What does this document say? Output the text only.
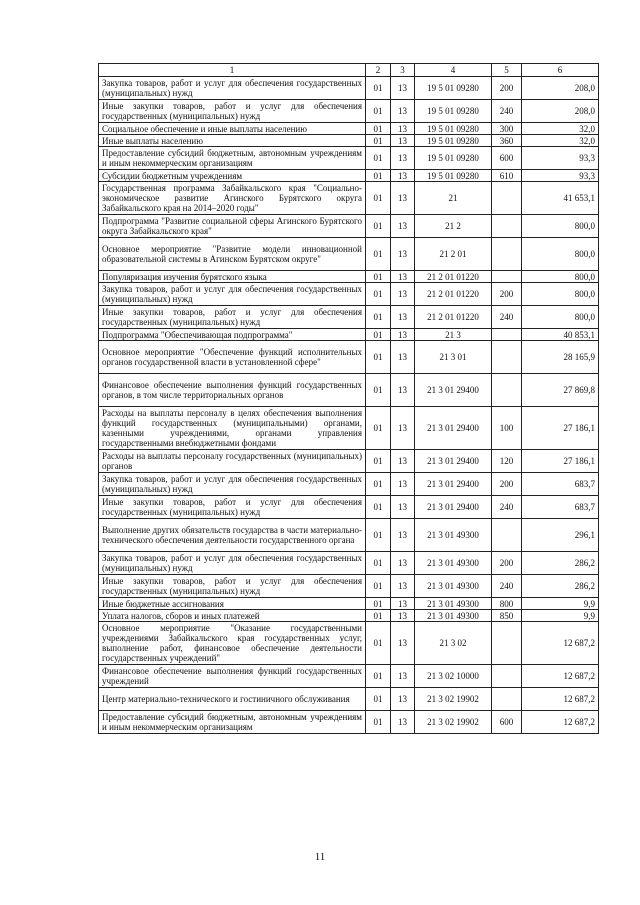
1	2	3	4	5	6
Закупка товаров, работ и услуг для обеспечения государственных (муниципальных) нужд	01	13	19 5 01 09280	200	208,0
Иные закупки товаров, работ и услуг для обеспечения государственных (муниципальных) нужд	01	13	19 5 01 09280	240	208,0
Социальное обеспечение и иные выплаты населению	01	13	19 5 01 09280	300	32,0
Иные выплаты населению	01	13	19 5 01 09280	360	32,0
Предоставление субсидий бюджетным, автономным учреждениям и иным некоммерческим организациям	01	13	19 5 01 09280	600	93,3
Субсидии бюджетным учреждениям	01	13	19 5 01 09280	610	93,3
Государственная программа Забайкальского края "Социально-экономическое развитие Агинского Бурятского округа Забайкальского края на 2014–2020 годы"	01	13	21		41 653,1
Подпрограмма "Развитие социальной сферы Агинского Бурятского округа Забайкальского края"	01	13	21 2		800,0
Основное мероприятие "Развитие модели инновационной образовательной системы в Агинском Бурятском округе"	01	13	21 2 01		800,0
Популяризация изучения бурятского языка	01	13	21 2 01 01220		800,0
Закупка товаров, работ и услуг для обеспечения государственных (муниципальных) нужд	01	13	21 2 01 01220	200	800,0
Иные закупки товаров, работ и услуг для обеспечения государственных (муниципальных) нужд	01	13	21 2 01 01220	240	800,0
Подпрограмма "Обеспечивающая подпрограмма"	01	13	21 3		40 853,1
Основное мероприятие "Обеспечение функций исполнительных органов государственной власти в установленной сфере"	01	13	21 3 01		28 165,9
Финансовое обеспечение выполнения функций государственных органов, в том числе территориальных органов	01	13	21 3 01 29400		27 869,8
Расходы на выплаты персоналу в целях обеспечения выполнения функций государственных (муниципальными) органами, казенными учреждениями, органами управления государственными внебюджетными фондами	01	13	21 3 01 29400	100	27 186,1
Расходы на выплаты персоналу государственных (муниципальных) органов	01	13	21 3 01 29400	120	27 186,1
Закупка товаров, работ и услуг для обеспечения государственных (муниципальных) нужд	01	13	21 3 01 29400	200	683,7
Иные закупки товаров, работ и услуг для обеспечения государственных (муниципальных) нужд	01	13	21 3 01 29400	240	683,7
Выполнение других обязательств государства в части материально-технического обеспечения деятельности государственного органа	01	13	21 3 01 49300		296,1
Закупка товаров, работ и услуг для обеспечения государственных (муниципальных) нужд	01	13	21 3 01 49300	200	286,2
Иные закупки товаров, работ и услуг для обеспечения государственных (муниципальных) нужд	01	13	21 3 01 49300	240	286,2
Иные бюджетные ассигнования	01	13	21 3 01 49300	800	9,9
Уплата налогов, сборов и иных платежей	01	13	21 3 01 49300	850	9,9
Основное мероприятие "Оказание государственными учреждениями Забайкальского края государственных услуг, выполнение работ, финансовое обеспечение деятельности государственных учреждений"	01	13	21 3 02		12 687,2
Финансовое обеспечение выполнения функций государственных учреждений	01	13	21 3 02 10000		12 687,2
Центр материально-технического и гостиничного обслуживания	01	13	21 3 02 19902		12 687,2
Предоставление субсидий бюджетным, автономным учреждениям и иным некоммерческим организациям	01	13	21 3 02 19902	600	12 687,2
11
